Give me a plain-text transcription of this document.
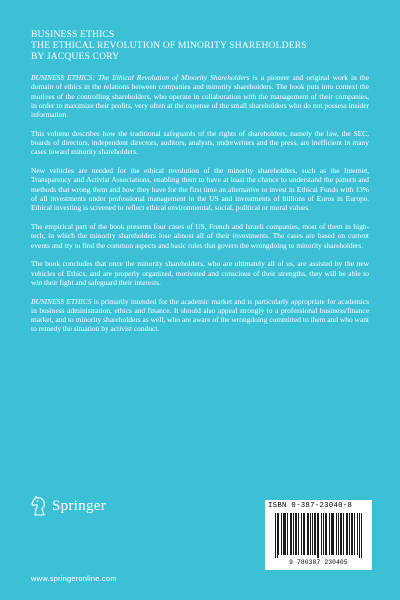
BUSINESS ETHICS
THE ETHICAL REVOLUTION OF MINORITY SHAREHOLDERS
BY JACQUES CORY

BUSINESS ETHICS: The Ethical Revolution of Minority Shareholders is a pioneer and original work in the domain of ethics in the relations between companies and minority shareholders. The book puts into context the motives of the controlling shareholders, who operate in collaboration with the management of their companies, in order to maximize their profits, very often at the expense of the small shareholders who do not possess insider information.

This volume describes how the traditional safeguards of the rights of shareholders, namely the law, the SEC, boards of directors, independent directors, auditors, analysts, underwriters and the press, are inefficient in many cases toward minority shareholders.

New vehicles are needed for the ethical revolution of the minority shareholders, such as the Internet, Transparency and Activist Associations, enabling them to have at least the chance to understand the pattern and methods that wrong them and how they have for the first time an alternative to invest in Ethical Funds with 13% of all investments under professional management in the US and investments of billions of Euros in Europe. Ethical investing is screened to reflect ethical environmental, social, political or moral values.

The empirical part of the book presents four cases of US, French and Israeli companies, most of them in high-tech, in which the minority shareholders lose almost all of their investments. The cases are based on current events and try to find the common aspects and basic rules that govern the wrongdoing to minority shareholders.

The book concludes that once the minority shareholders, who are ultimately all of us, are assisted by the new vehicles of Ethics, and are properly organized, motivated and conscious of their strengths, they will be able to win their fight and safeguard their interests.

BUSINESS ETHICS is primarily intended for the academic market and is particularly appropriate for academics in business administration, ethics and finance. It should also appeal strongly to a professional business/finance market, and to minority shareholders as well, who are aware of the wrongdoing committed to them and who want to remedy the situation by activist conduct.

Springer
www.springeronline.com
ISBN 0-387-23040-8
9 780387 230405
